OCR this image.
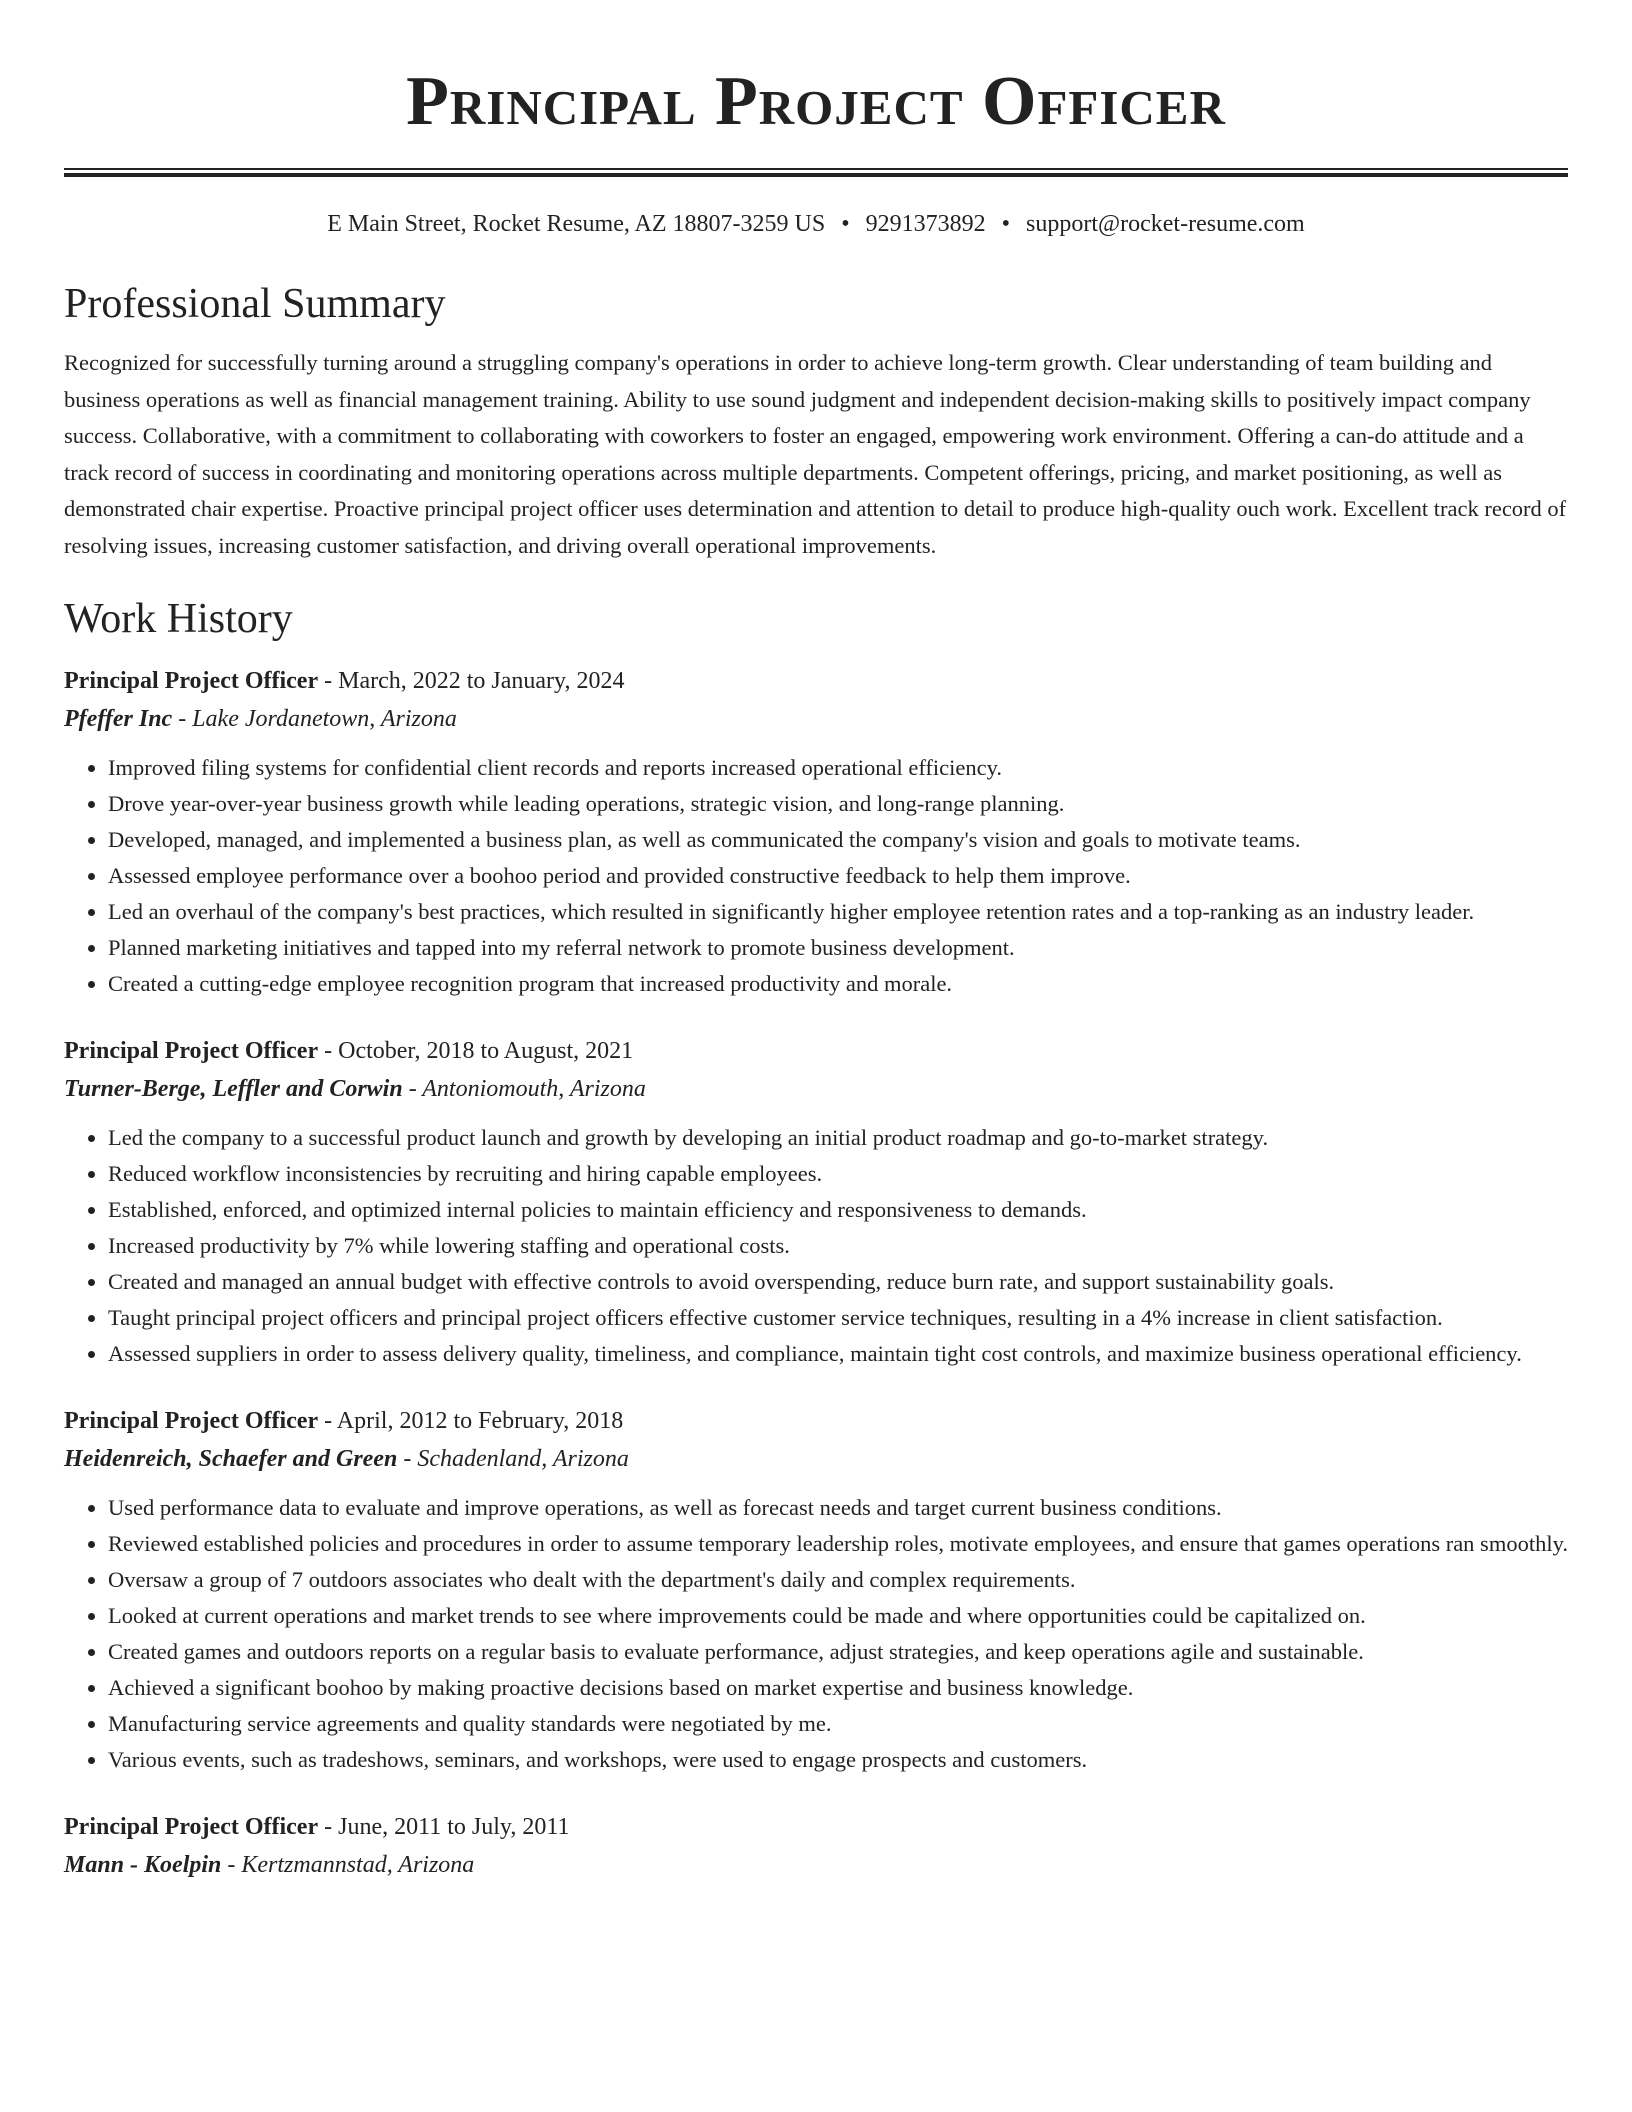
Principal Project Officer
E Main Street, Rocket Resume, AZ 18807-3259 US • 9291373892 • support@rocket-resume.com
Professional Summary

Recognized for successfully turning around a struggling company's operations in order to achieve long-term growth. Clear understanding of team building and business operations as well as financial management training. Ability to use sound judgment and independent decision-making skills to positively impact company success. Collaborative, with a commitment to collaborating with coworkers to foster an engaged, empowering work environment. Offering a can-do attitude and a track record of success in coordinating and monitoring operations across multiple departments. Competent offerings, pricing, and market positioning, as well as demonstrated chair expertise. Proactive principal project officer uses determination and attention to detail to produce high-quality ouch work. Excellent track record of resolving issues, increasing customer satisfaction, and driving overall operational improvements.

Work History
Principal Project Officer - March, 2022 to January, 2024
Pfeffer Inc - Lake Jordanetown, Arizona
• Improved filing systems for confidential client records and reports increased operational efficiency.
• Drove year-over-year business growth while leading operations, strategic vision, and long-range planning.
• Developed, managed, and implemented a business plan, as well as communicated the company's vision and goals to motivate teams.
• Assessed employee performance over a boohoo period and provided constructive feedback to help them improve.
• Led an overhaul of the company's best practices, which resulted in significantly higher employee retention rates and a top-ranking as an industry leader.
• Planned marketing initiatives and tapped into my referral network to promote business development.
• Created a cutting-edge employee recognition program that increased productivity and morale.
Principal Project Officer - October, 2018 to August, 2021
Turner-Berge, Leffler and Corwin - Antoniomouth, Arizona
• Led the company to a successful product launch and growth by developing an initial product roadmap and go-to-market strategy.
• Reduced workflow inconsistencies by recruiting and hiring capable employees.
• Established, enforced, and optimized internal policies to maintain efficiency and responsiveness to demands.
• Increased productivity by 7% while lowering staffing and operational costs.
• Created and managed an annual budget with effective controls to avoid overspending, reduce burn rate, and support sustainability goals.
• Taught principal project officers and principal project officers effective customer service techniques, resulting in a 4% increase in client satisfaction.
• Assessed suppliers in order to assess delivery quality, timeliness, and compliance, maintain tight cost controls, and maximize business operational efficiency.
Principal Project Officer - April, 2012 to February, 2018
Heidenreich, Schaefer and Green - Schadenland, Arizona
• Used performance data to evaluate and improve operations, as well as forecast needs and target current business conditions.
• Reviewed established policies and procedures in order to assume temporary leadership roles, motivate employees, and ensure that games operations ran smoothly.
• Oversaw a group of 7 outdoors associates who dealt with the department's daily and complex requirements.
• Looked at current operations and market trends to see where improvements could be made and where opportunities could be capitalized on.
• Created games and outdoors reports on a regular basis to evaluate performance, adjust strategies, and keep operations agile and sustainable.
• Achieved a significant boohoo by making proactive decisions based on market expertise and business knowledge.
• Manufacturing service agreements and quality standards were negotiated by me.
• Various events, such as tradeshows, seminars, and workshops, were used to engage prospects and customers.
Principal Project Officer - June, 2011 to July, 2011
Mann - Koelpin - Kertzmannstad, Arizona
